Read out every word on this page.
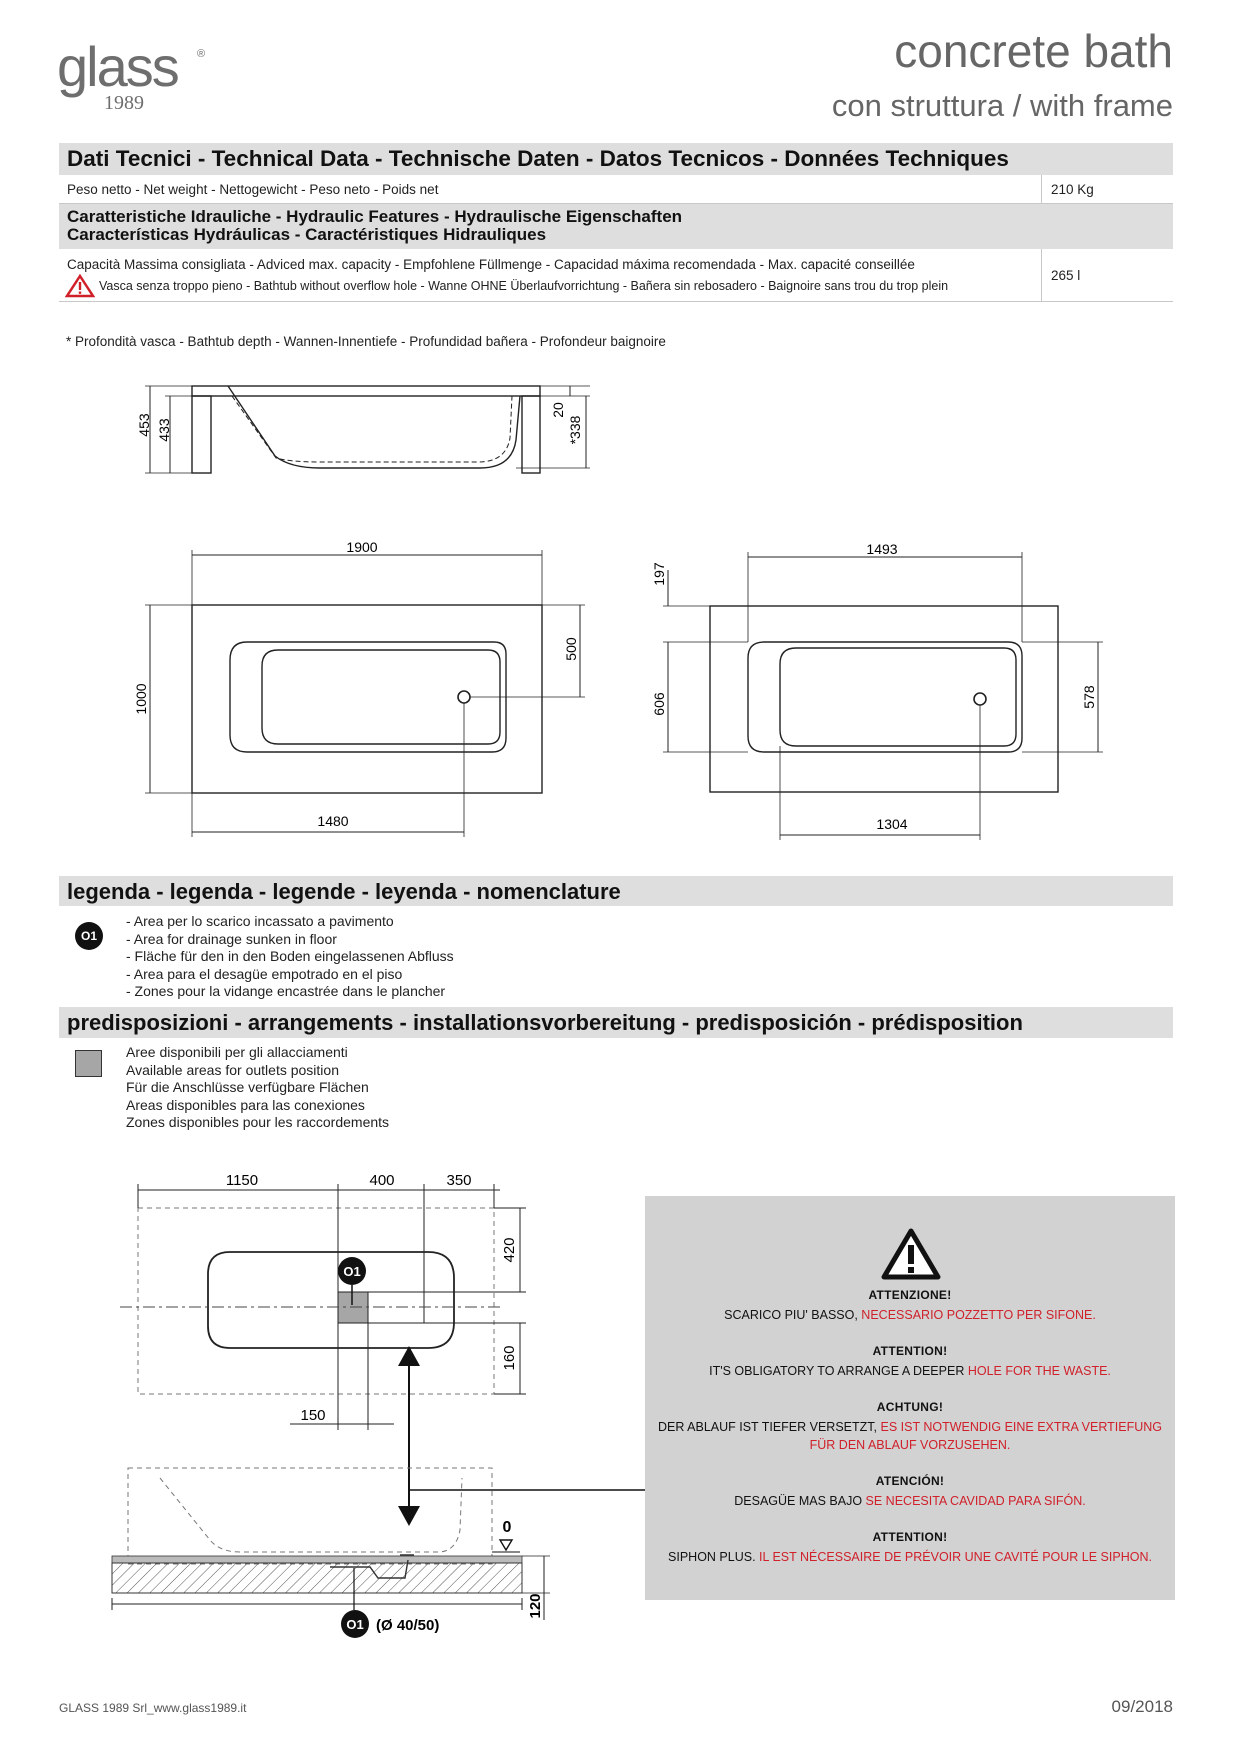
glass ®
1989
concrete bath
con struttura / with frame
Dati Tecnici - Technical Data - Technische Daten - Datos Tecnicos - Données Techniques
Peso netto - Net weight - Nettogewicht - Peso neto - Poids net	210 Kg
Caratteristiche Idrauliche - Hydraulic Features - Hydraulische Eigenschaften
Características Hydráulicas - Caractéristiques Hidrauliques
Capacità Massima consigliata - Adviced max. capacity - Empfohlene Füllmenge - Capacidad máxima recomendada - Max. capacité conseillée
Vasca senza troppo pieno - Bathtub without overflow hole - Wanne OHNE Überlaufvorrichtung - Bañera sin rebosadero - Baignoire sans trou du trop plein
265 l
* Profondità vasca - Bathtub depth - Wannen-Innentiefe - Profundidad bañera - Profondeur baignoire
453 433
20
*338
1900
1000
500
1480
1493
197
606	578
1304
O1
1150	400	350
420
160
150
0
120
O1 (Ø 40/50)
legenda - legenda - legende - leyenda - nomenclature
O1
- Area per lo scarico incassato a pavimento
- Area for drainage sunken in floor
- Fläche für den in den Boden eingelassenen Abfluss
- Area para el desagüe empotrado en el piso
- Zones pour la vidange encastrée dans le plancher
predisposizioni - arrangements - installationsvorbereitung - predisposición - prédisposition
Aree disponibili per gli allacciamenti
Available areas for outlets position
Für die Anschlüsse verfügbare Flächen
Areas disponibles para las conexiones
Zones disponibles pour les raccordements
ATTENZIONE!
SCARICO PIU' BASSO, NECESSARIO POZZETTO PER SIFONE.
ATTENTION!
IT'S OBLIGATORY TO ARRANGE A DEEPER HOLE FOR THE WASTE.
ACHTUNG!
DER ABLAUF IST TIEFER VERSETZT, ES IST NOTWENDIG EINE EXTRA VERTIEFUNG
FÜR DEN ABLAUF VORZUSEHEN.
ATENCIÓN!
DESAGÜE MAS BAJO SE NECESITA CAVIDAD PARA SIFÓN.
ATTENTION!
SIPHON PLUS. IL EST NÉCESSAIRE DE PRÉVOIR UNE CAVITÉ POUR LE SIPHON.
GLASS 1989 Srl_www.glass1989.it	09/2018
